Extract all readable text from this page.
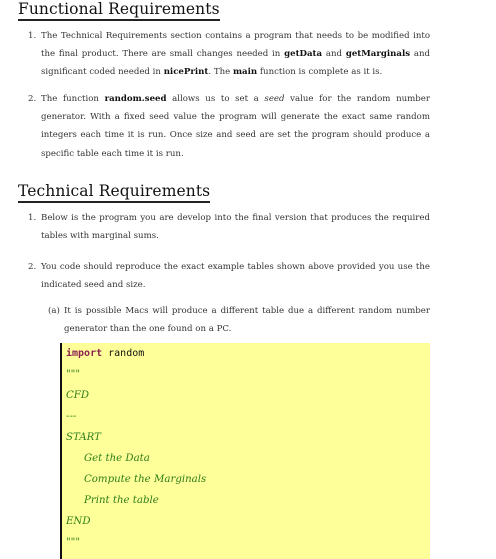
Functional Requirements
1. The Technical Requirements section contains a program that needs to be modified into the final product. There are small changes needed in getData and getMarginals and significant coded needed in nicePrint. The main function is complete as it is.
2. The function random.seed allows us to set a seed value for the random number generator. With a fixed seed value the program will generate the exact same random integers each time it is run. Once size and seed are set the program should produce a specific table each time it is run.
Technical Requirements
1. Below is the program you are develop into the final version that produces the required tables with marginal sums.
2. You code should reproduce the exact example tables shown above provided you use the indicated seed and size.
(a) It is possible Macs will produce a different table due a different random number generator than the one found on a PC.
import random
"""
CFD
---
START
Get the Data
Compute the Marginals
Print the table
END
"""
